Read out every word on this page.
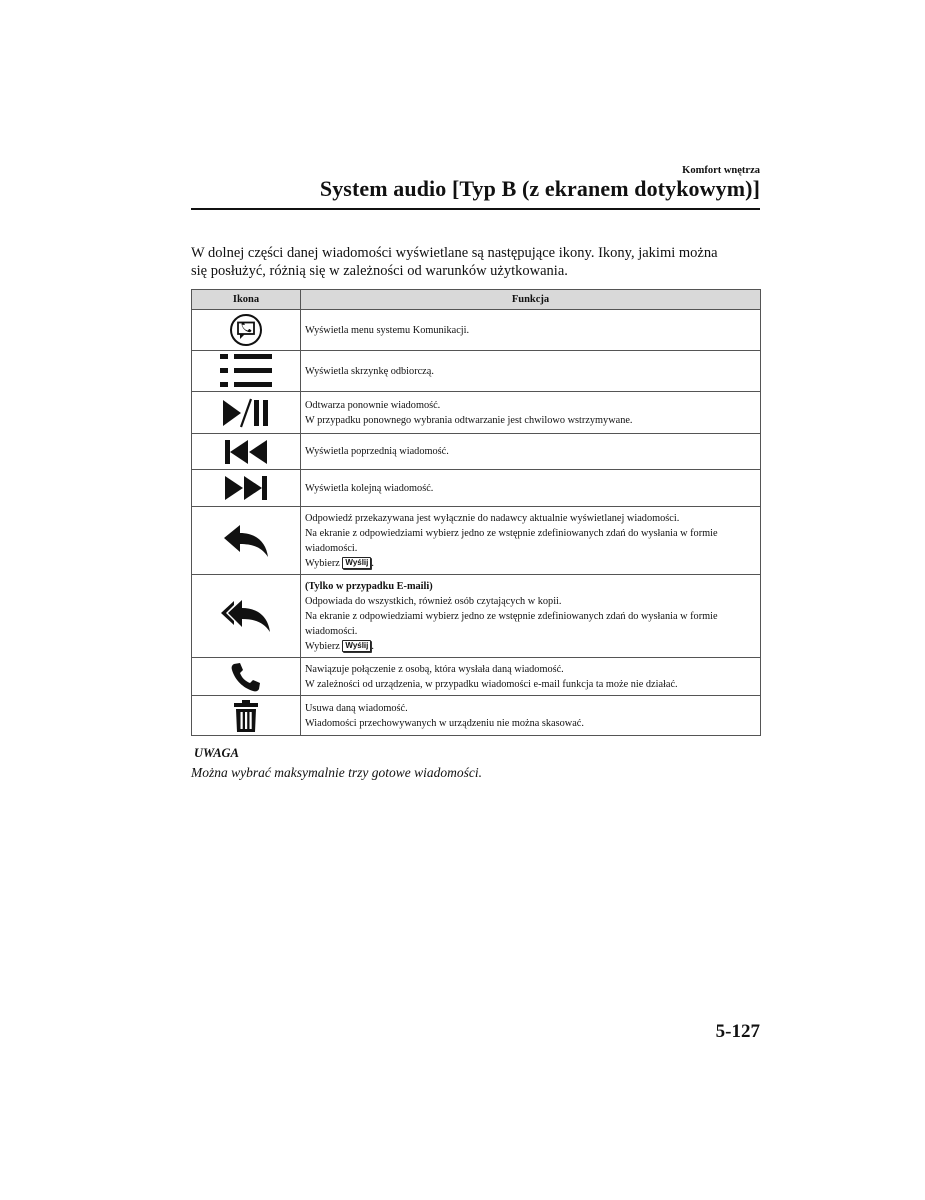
Komfort wnętrza
System audio [Typ B (z ekranem dotykowym)]
W dolnej części danej wiadomości wyświetlane są następujące ikony. Ikony, jakimi można
się posłużyć, różnią się w zależności od warunków użytkowania.
Ikona	Funkcja

	Wyświetla menu systemu Komunikacji.

	Wyświetla skrzynkę odbiorczą.

	Odtwarza ponownie wiadomość.
W przypadku ponownego wybrania odtwarzanie jest chwilowo wstrzymywane.

	Wyświetla poprzednią wiadomość.

	Wyświetla kolejną wiadomość.

	Odpowiedź przekazywana jest wyłącznie do nadawcy aktualnie wyświetlanej wiadomości.
Na ekranie z odpowiedziami wybierz jedno ze wstępnie zdefiniowanych zdań do wysłania w formie wiadomości.
Wybierz Wyślij .

	(Tylko w przypadku E-maili)
Odpowiada do wszystkich, również osób czytających w kopii.
Na ekranie z odpowiedziami wybierz jedno ze wstępnie zdefiniowanych zdań do wysłania w formie wiadomości.
Wybierz Wyślij .

	Nawiązuje połączenie z osobą, która wysłała daną wiadomość.
W zależności od urządzenia, w przypadku wiadomości e-mail funkcja ta może nie działać.

	Usuwa daną wiadomość.
Wiadomości przechowywanych w urządzeniu nie można skasować.
UWAGA
Można wybrać maksymalnie trzy gotowe wiadomości.
5-127
